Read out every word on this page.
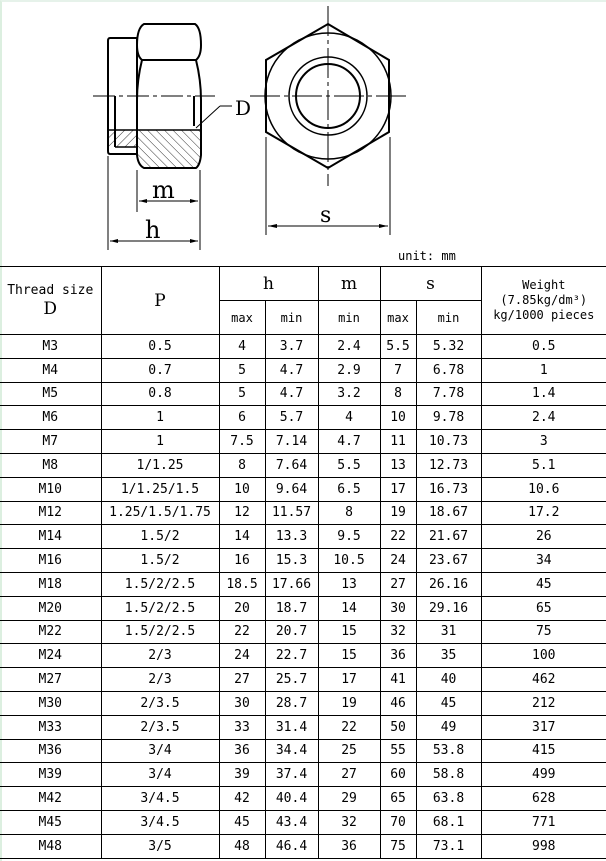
D
m
h
s
unit: mm
Thread size
D	P	h		m	s		Weight
(7.85kg/dm³)
kg/1000 pieces
		max	min	min	max	min	
M3	0.5	4	3.7	2.4	5.5	5.32	0.5
M4	0.7	5	4.7	2.9	7	6.78	1
M5	0.8	5	4.7	3.2	8	7.78	1.4
M6	1	6	5.7	4	10	9.78	2.4
M7	1	7.5	7.14	4.7	11	10.73	3
M8	1/1.25	8	7.64	5.5	13	12.73	5.1
M10	1/1.25/1.5	10	9.64	6.5	17	16.73	10.6
M12	1.25/1.5/1.75	12	11.57	8	19	18.67	17.2
M14	1.5/2	14	13.3	9.5	22	21.67	26
M16	1.5/2	16	15.3	10.5	24	23.67	34
M18	1.5/2/2.5	18.5	17.66	13	27	26.16	45
M20	1.5/2/2.5	20	18.7	14	30	29.16	65
M22	1.5/2/2.5	22	20.7	15	32	31	75
M24	2/3	24	22.7	15	36	35	100
M27	2/3	27	25.7	17	41	40	462
M30	2/3.5	30	28.7	19	46	45	212
M33	2/3.5	33	31.4	22	50	49	317
M36	3/4	36	34.4	25	55	53.8	415
M39	3/4	39	37.4	27	60	58.8	499
M42	3/4.5	42	40.4	29	65	63.8	628
M45	3/4.5	45	43.4	32	70	68.1	771
M48	3/5	48	46.4	36	75	73.1	998
